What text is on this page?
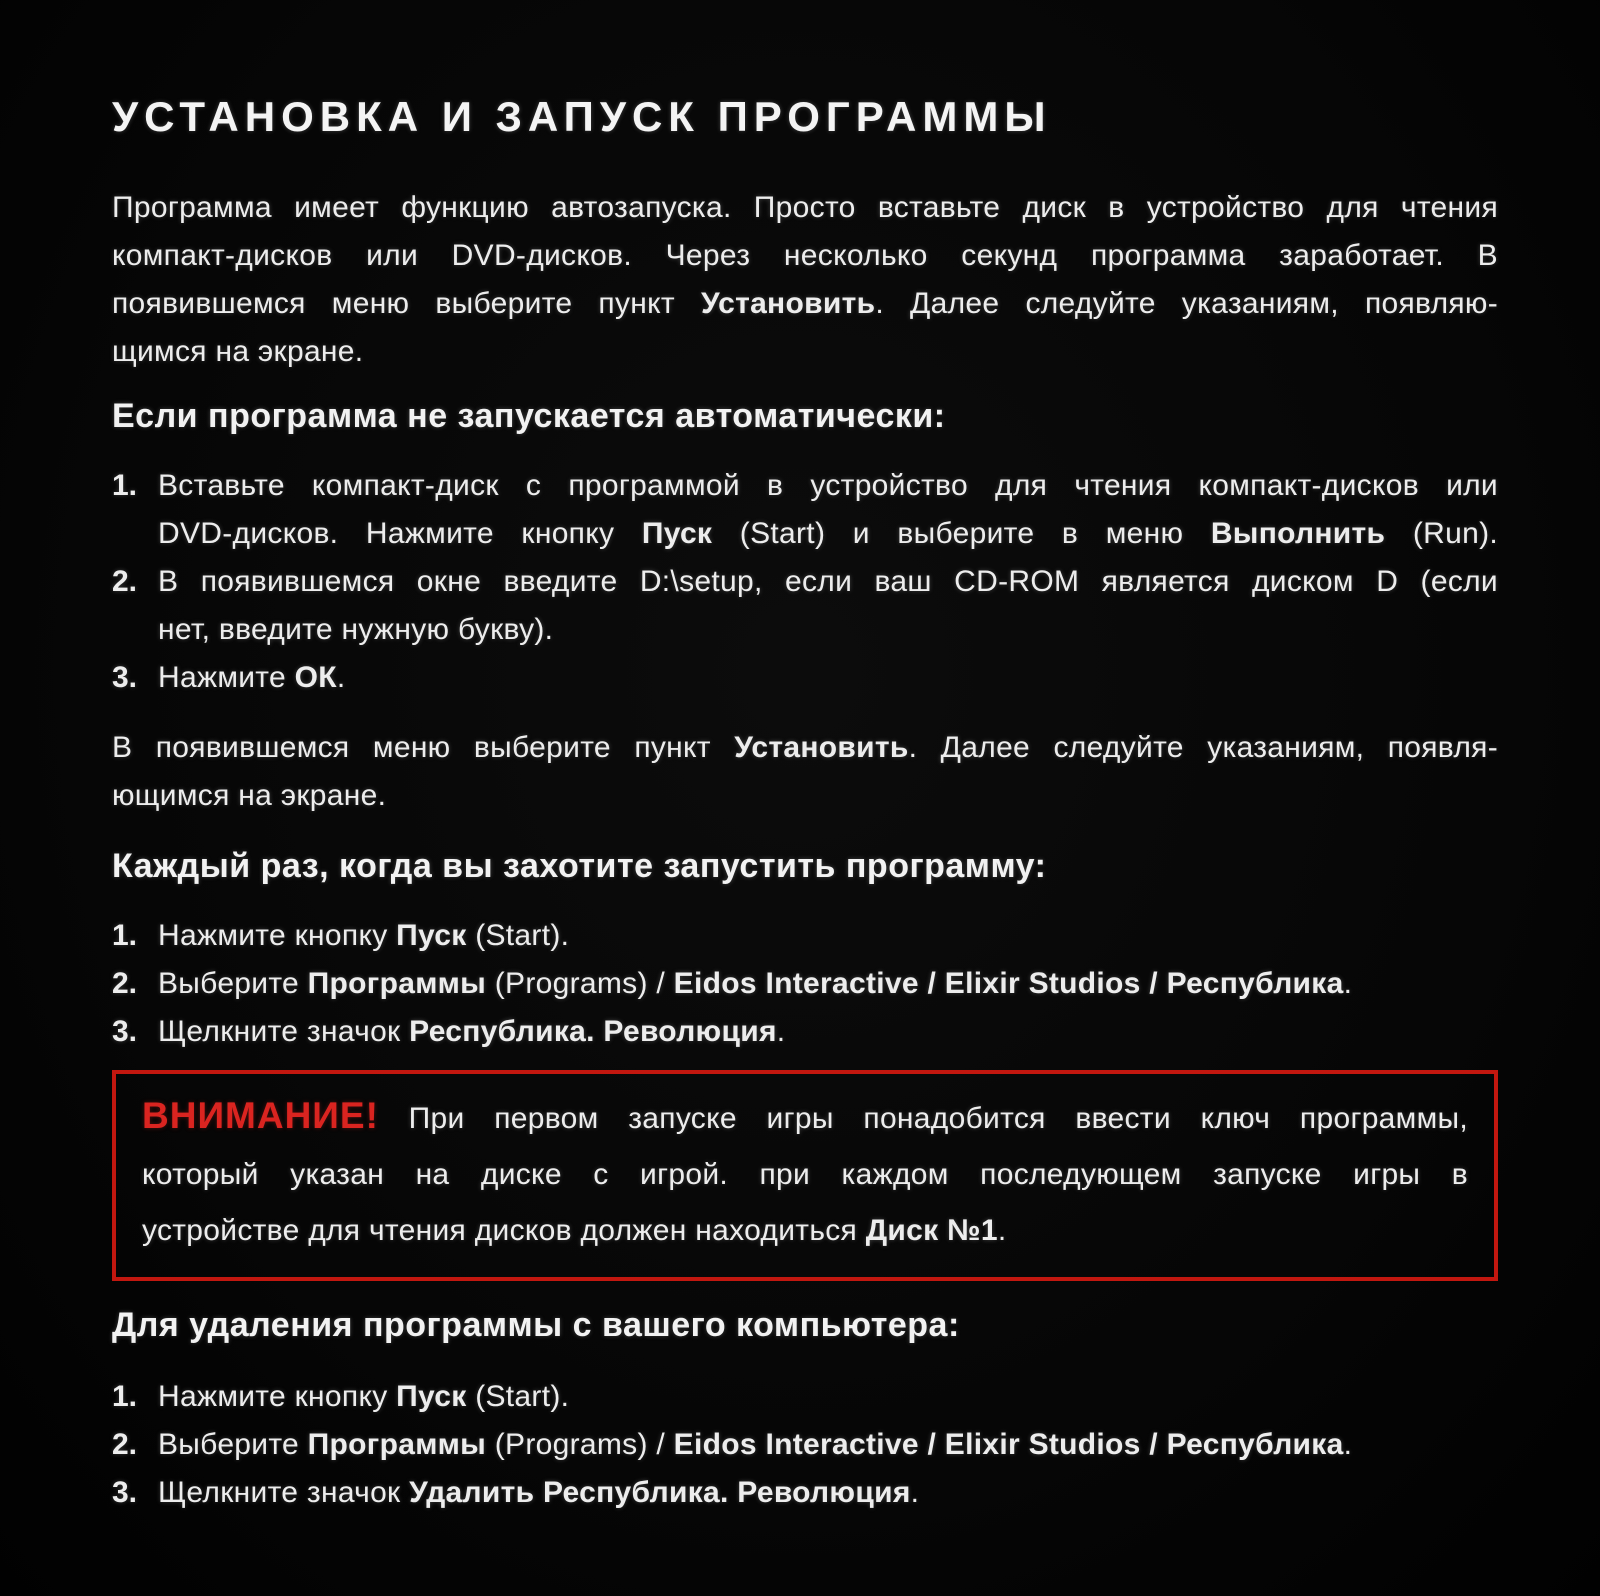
УСТАНОВКА И ЗАПУСК ПРОГРАММЫ
Программа имеет функцию автозапуска. Просто вставьте диск в устройство для чтения
компакт-дисков или DVD-дисков. Через несколько секунд программа заработает. В
появившемся меню выберите пункт Установить. Далее следуйте указаниям, появляю-
щимся на экране.
Если программа не запускается автоматически:
1. Вставьте компакт-диск с программой в устройство для чтения компакт-дисков или
DVD-дисков. Нажмите кнопку Пуск (Start) и выберите в меню Выполнить (Run).
2. В появившемся окне введите D:\setup, если ваш CD-ROM является диском D (если
нет, введите нужную букву).
3. Нажмите ОК.
В появившемся меню выберите пункт Установить. Далее следуйте указаниям, появля-
ющимся на экране.
Каждый раз, когда вы захотите запустить программу:
1. Нажмите кнопку Пуск (Start).
2. Выберите Программы (Programs) / Eidos Interactive / Elixir Studios / Республика.
3. Щелкните значок Республика. Революция.
ВНИМАНИЕ! При первом запуске игры понадобится ввести ключ программы,
который указан на диске с игрой. при каждом последующем запуске игры в
устройстве для чтения дисков должен находиться Диск №1.
Для удаления программы с вашего компьютера:
1. Нажмите кнопку Пуск (Start).
2. Выберите Программы (Programs) / Eidos Interactive / Elixir Studios / Республика.
3. Щелкните значок Удалить Республика. Революция.
